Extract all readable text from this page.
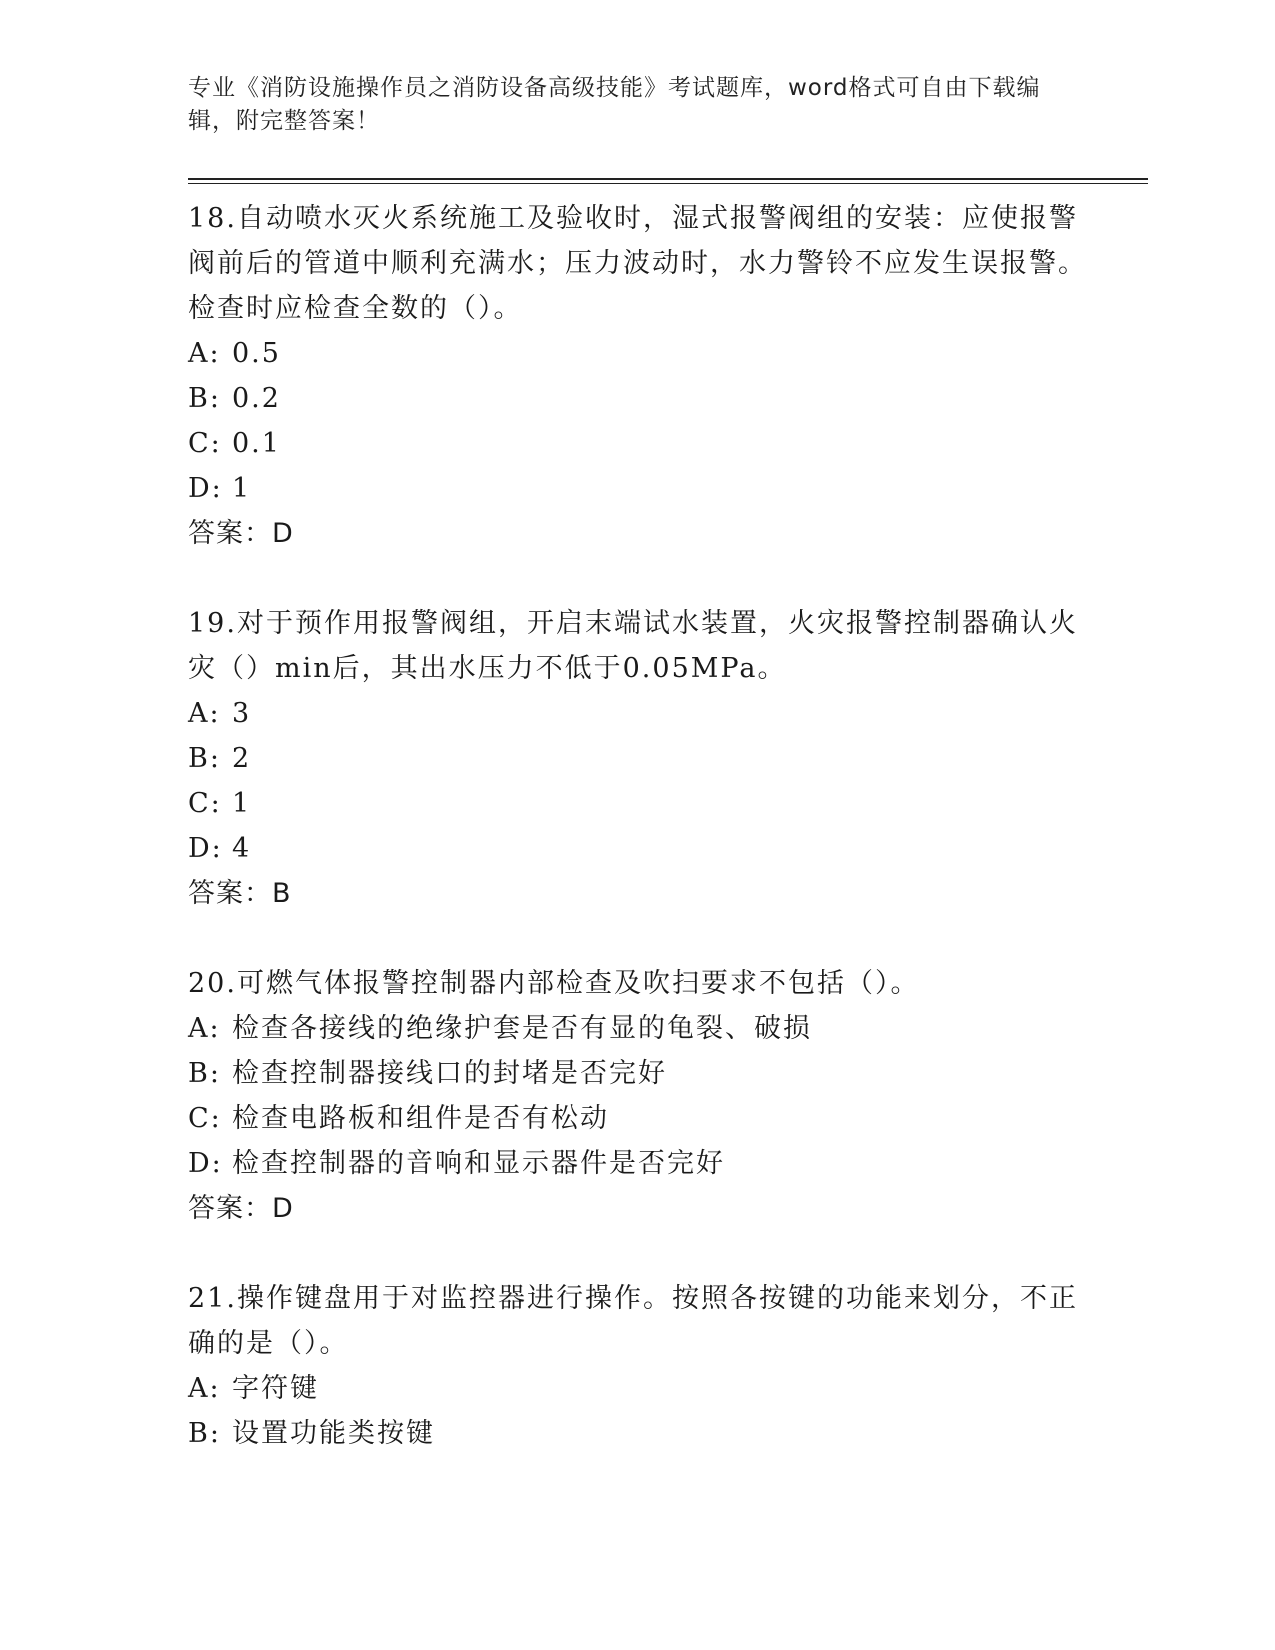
专业《消防设施操作员之消防设备高级技能》考试题库，word格式可自由下载编辑，附完整答案！
18.自动喷水灭火系统施工及验收时，湿式报警阀组的安装：应使报警阀前后的管道中顺利充满水；压力波动时，水力警铃不应发生误报警。检查时应检查全数的（）。
A: 0.5
B: 0.2
C: 0.1
D: 1
答案：D
19.对于预作用报警阀组，开启末端试水装置，火灾报警控制器确认火灾（）min后，其出水压力不低于0.05MPa。
A: 3
B: 2
C: 1
D: 4
答案：B
20.可燃气体报警控制器内部检查及吹扫要求不包括（）。
A: 检查各接线的绝缘护套是否有显的龟裂、破损
B: 检查控制器接线口的封堵是否完好
C: 检查电路板和组件是否有松动
D: 检查控制器的音响和显示器件是否完好
答案：D
21.操作键盘用于对监控器进行操作。按照各按键的功能来划分，不正确的是（）。
A: 字符键
B: 设置功能类按键
